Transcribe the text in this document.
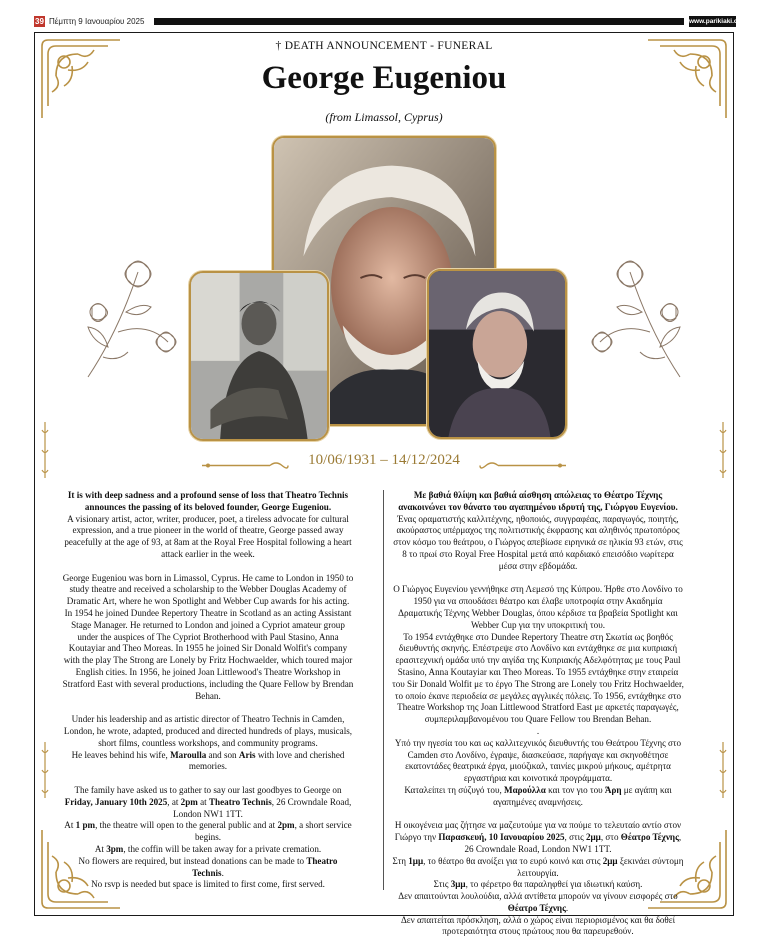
39 Πέμπτη 9 Ιανουαρίου 2025	www.parikiaki.com
† DEATH ANNOUNCEMENT - FUNERAL
George Eugeniou
(from Limassol, Cyprus)
10/06/1931 – 14/12/2024

It is with deep sadness and a profound sense of loss that Theatro Technis announces the passing of its beloved founder, George Eugeniou.
A visionary artist, actor, writer, producer, poet, a tireless advocate for cultural expression, and a true pioneer in the world of theatre, George passed away peacefully at the age of 93, at 8am at the Royal Free Hospital following a heart attack earlier in the week.

George Eugeniou was born in Limassol, Cyprus. He came to London in 1950 to study theatre and received a scholarship to the Webber Douglas Academy of Dramatic Art, where he won Spotlight and Webber Cup awards for his acting. In 1954 he joined Dundee Repertory Theatre in Scotland as an acting Assistant Stage Manager. He returned to London and joined a Cypriot amateur group under the auspices of The Cypriot Brotherhood with Paul Stasino, Anna Koutayiar and Theo Moreas. In 1955 he joined Sir Donald Wolfit's company with the play The Strong are Lonely by Fritz Hochwaelder, which toured major English cities. In 1956, he joined Joan Littlewood's Theatre Workshop in Stratford East with several productions, including the Quare Fellow by Brendan Behan.

Under his leadership and as artistic director of Theatro Technis in Camden, London, he wrote, adapted, produced and directed hundreds of plays, musicals, short films, countless workshops, and community programs.
He leaves behind his wife, Maroulla and son Aris with love and cherished memories.

The family have asked us to gather to say our last goodbyes to George on Friday, January 10th 2025, at 2pm at Theatro Technis, 26 Crowndale Road, London NW1 1TT.
At 1 pm, the theatre will open to the general public and at 2pm, a short service begins.
At 3pm, the coffin will be taken away for a private cremation.
No flowers are required, but instead donations can be made to Theatro Technis.
No rsvp is needed but space is limited to first come, first served.

Με βαθιά θλίψη και βαθιά αίσθηση απώλειας το Θέατρο Τέχνης ανακοινώνει τον θάνατο του αγαπημένου ιδρυτή της, Γιώργου Ευγενίου.
Ένας οραματιστής καλλιτέχνης, ηθοποιός, συγγραφέας, παραγωγός, ποιητής, ακούραστος υπέρμαχος της πολιτιστικής έκφρασης και αληθινός πρωτοπόρος στον κόσμο του θεάτρου, ο Γιώργος απεβίωσε ειρηνικά σε ηλικία 93 ετών, στις 8 το πρωί στο Royal Free Hospital μετά από καρδιακό επεισόδιο νωρίτερα μέσα στην εβδομάδα.

Ο Γιώργος Ευγενίου γεννήθηκε στη Λεμεσό της Κύπρου. Ήρθε στο Λονδίνο το 1950 για να σπουδάσει θέατρο και έλαβε υποτροφία στην Ακαδημία Δραματικής Τέχνης Webber Douglas, όπου κέρδισε τα βραβεία Spotlight και Webber Cup για την υποκριτική του.
Το 1954 εντάχθηκε στο Dundee Repertory Theatre στη Σκωτία ως βοηθός διευθυντής σκηνής. Επέστρεψε στο Λονδίνο και εντάχθηκε σε μια κυπριακή ερασιτεχνική ομάδα υπό την αιγίδα της Κυπριακής Αδελφότητας με τους Paul Stasino, Anna Koutayiar και Theo Moreas. Το 1955 εντάχθηκε στην εταιρεία του Sir Donald Wolfit με το έργο The Strong are Lonely του Fritz Hochwaelder, το οποίο έκανε περιοδεία σε μεγάλες αγγλικές πόλεις. Το 1956, εντάχθηκε στο Theatre Workshop της Joan Littlewood Stratford East με αρκετές παραγωγές, συμπεριλαμβανομένου του Quare Fellow του Brendan Behan.
.

Υπό την ηγεσία του και ως καλλιτεχνικός διευθυντής του Θεάτρου Τέχνης στο Camden στο Λονδίνο, έγραψε, διασκεύασε, παρήγαγε και σκηνοθέτησε εκατοντάδες θεατρικά έργα, μιούζικαλ, ταινίες μικρού μήκους, αμέτρητα εργαστήρια και κοινοτικά προγράμματα.
Καταλείπει τη σύζυγό του, Μαρούλλα και τον γιο του Άρη με αγάπη και αγαπημένες αναμνήσεις.

Η οικογένεια μας ζήτησε να μαζευτούμε για να πούμε το τελευταίο αντίο στον Γιώργο την Παρασκευή, 10 Ιανουαρίου 2025, στις 2μμ, στο Θέατρο Τέχνης, 26 Crowndale Road, London NW1 1TT.
Στη 1μμ, το θέατρο θα ανοίξει για το ευρύ κοινό και στις 2μμ ξεκινάει σύντομη λειτουργία.
Στις 3μμ, το φέρετρο θα παραληφθεί για ιδιωτική καύση.
Δεν απαιτούνται λουλούδια, αλλά αντίθετα μπορούν να γίνουν εισφορές στο Θέατρο Τέχνης.
Δεν απαιτείται πρόσκληση, αλλά ο χώρος είναι περιορισμένος και θα δοθεί προτεραιότητα στους πρώτους που θα παρευρεθούν.
